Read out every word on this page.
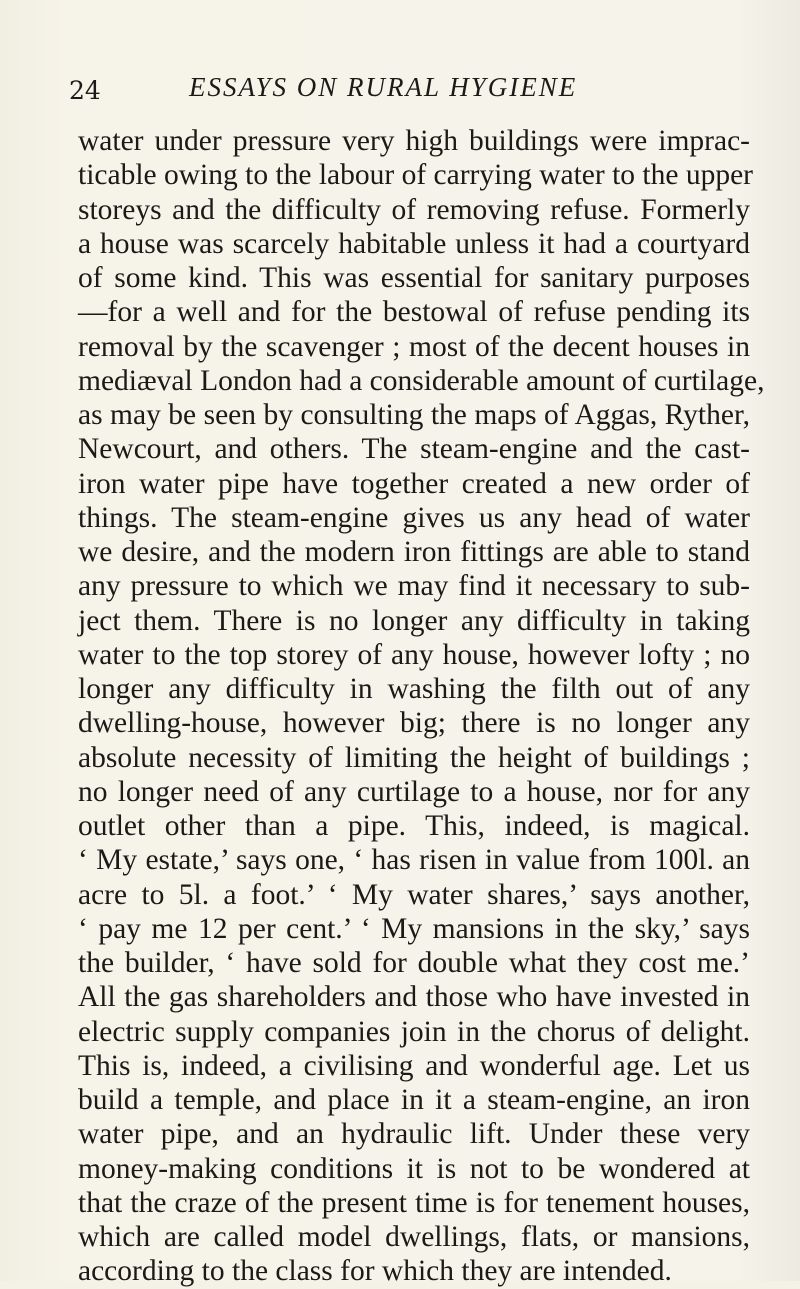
24	ESSAYS ON RURAL HYGIENE
water under pressure very high buildings were imprac-
ticable owing to the labour of carrying water to the upper
storeys and the difficulty of removing refuse. Formerly
a house was scarcely habitable unless it had a courtyard
of some kind. This was essential for sanitary purposes
—for a well and for the bestowal of refuse pending its
removal by the scavenger ; most of the decent houses in
mediæval London had a considerable amount of curtilage,
as may be seen by consulting the maps of Aggas, Ryther,
Newcourt, and others. The steam-engine and the cast-
iron water pipe have together created a new order of
things. The steam-engine gives us any head of water
we desire, and the modern iron fittings are able to stand
any pressure to which we may find it necessary to sub-
ject them. There is no longer any difficulty in taking
water to the top storey of any house, however lofty ; no
longer any difficulty in washing the filth out of any
dwelling-house, however big; there is no longer any
absolute necessity of limiting the height of buildings ;
no longer need of any curtilage to a house, nor for any
outlet other than a pipe. This, indeed, is magical.
‘ My estate,’ says one, ‘ has risen in value from 100l. an
acre to 5l. a foot.’ ‘ My water shares,’ says another,
‘ pay me 12 per cent.’ ‘ My mansions in the sky,’ says
the builder, ‘ have sold for double what they cost me.’
All the gas shareholders and those who have invested in
electric supply companies join in the chorus of delight.
This is, indeed, a civilising and wonderful age. Let us
build a temple, and place in it a steam-engine, an iron
water pipe, and an hydraulic lift. Under these very
money-making conditions it is not to be wondered at
that the craze of the present time is for tenement houses,
which are called model dwellings, flats, or mansions,
according to the class for which they are intended.
